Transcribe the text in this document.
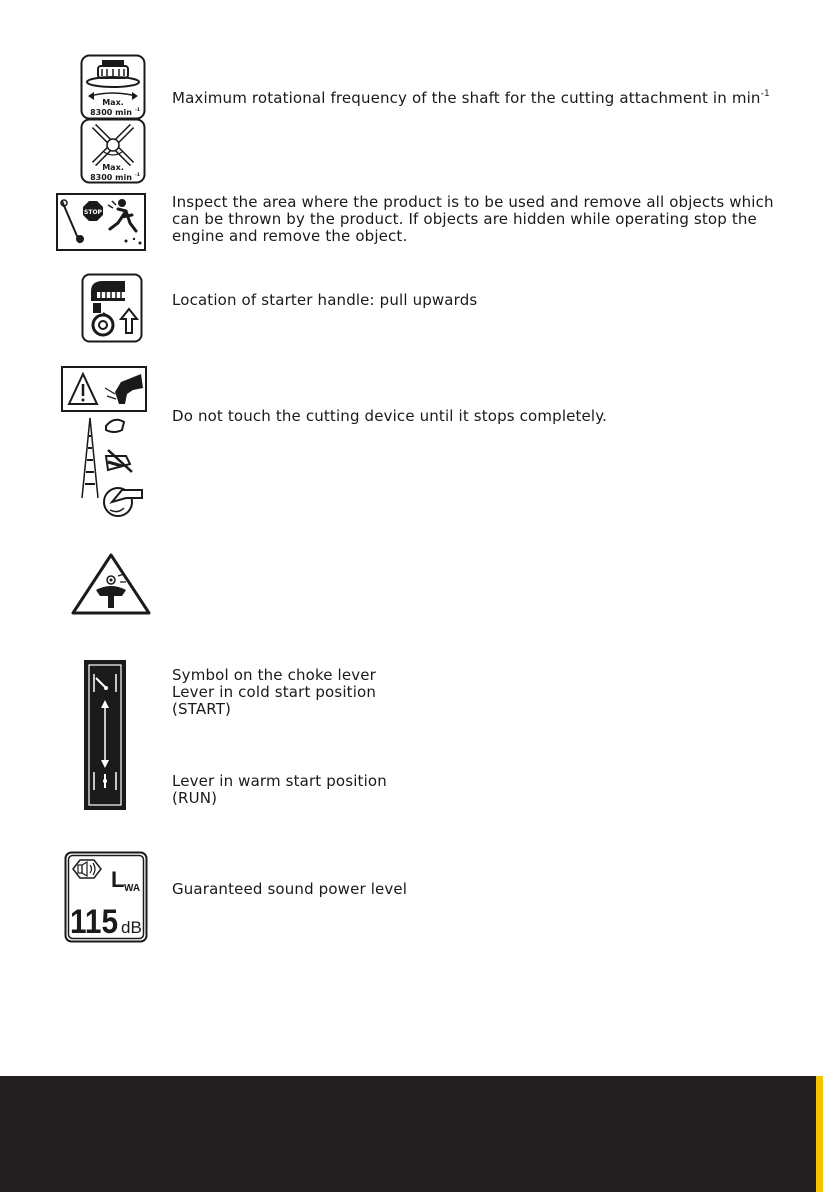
Max.
8300 min -1
Max.
8300 min -1
Maximum rotational frequency of the shaft for the cutting attachment in $\min^{-1}$
STOP
Inspect the area where the product is to be used and remove all objects which
can be thrown by the product. If objects are hidden while operating stop the
engine and remove the object.
Location of starter handle: pull upwards
Do not touch the cutting device until it stops completely.
Symbol on the choke lever
Lever in cold start position
(START)
Lever in warm start position
(RUN)
L WA
115 dB
Guaranteed sound power level
